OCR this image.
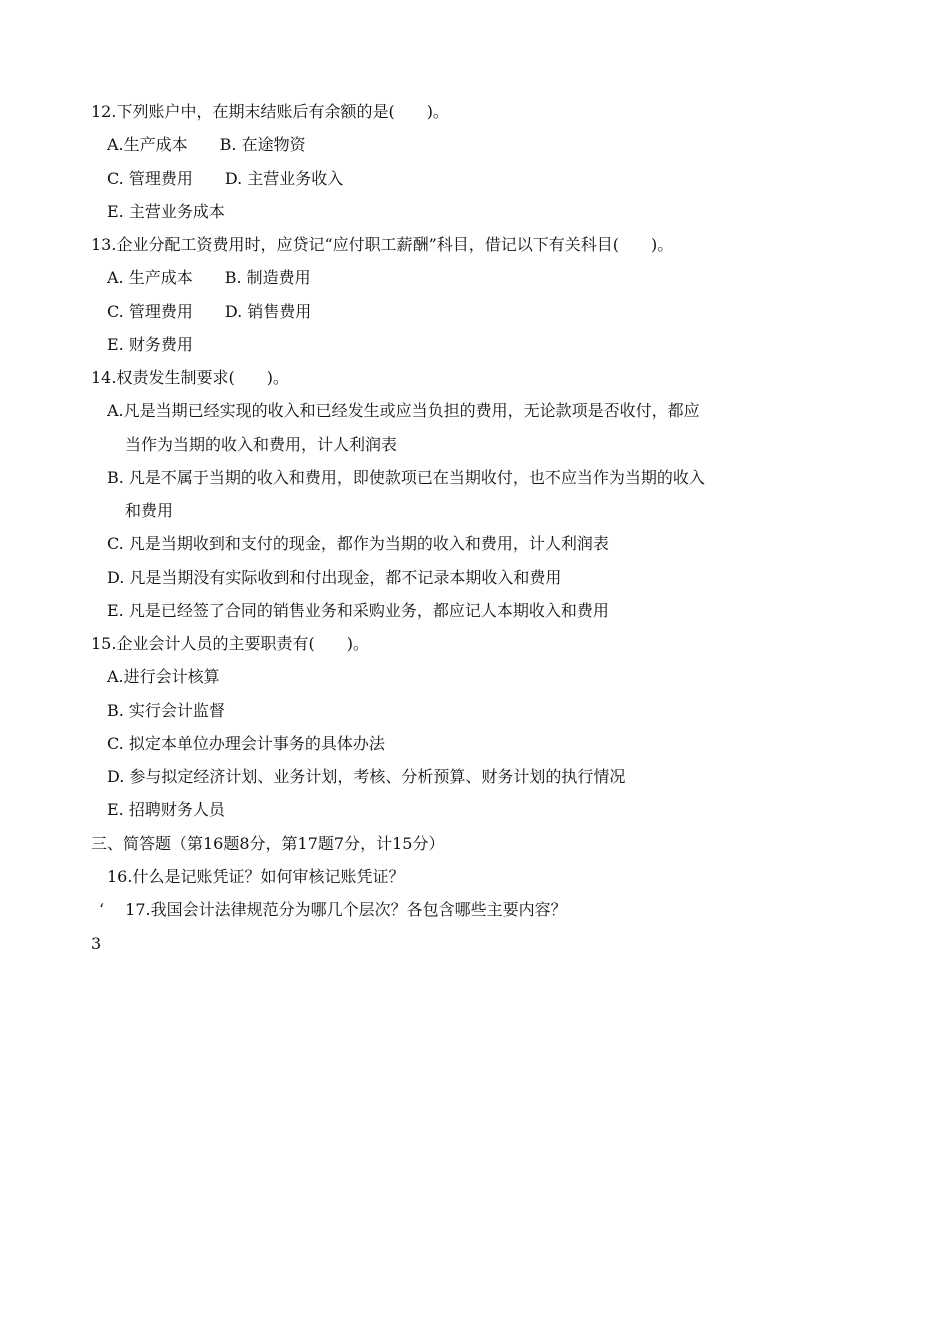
12.下列账户中，在期末结账后有余额的是(　　)。
A.生产成本　　B. 在途物资
C. 管理费用　　D. 主营业务收入
E. 主营业务成本
13.企业分配工资费用时，应贷记“应付职工薪酬”科目，借记以下有关科目(　　)。
A. 生产成本　　B. 制造费用
C. 管理费用　　D. 销售费用
E. 财务费用
14.权责发生制要求(　　)。
A.凡是当期已经实现的收入和已经发生或应当负担的费用，无论款项是否收付，都应
当作为当期的收入和费用，计人利润表
B. 凡是不属于当期的收入和费用，即使款项已在当期收付，也不应当作为当期的收入
和费用
C. 凡是当期收到和支付的现金，都作为当期的收入和费用，计人利润表
D. 凡是当期没有实际收到和付出现金，都不记录本期收入和费用
E. 凡是已经签了合同的销售业务和采购业务，都应记人本期收入和费用
15.企业会计人员的主要职责有(　　)。
A.进行会计核算
B. 实行会计监督
C. 拟定本单位办理会计事务的具体办法
D. 参与拟定经济计划、业务计划，考核、分析预算、财务计划的执行情况
E. 招聘财务人员
三、简答题（第16题8分，第17题7分，计15分）
16.什么是记账凭证？如何审核记账凭证？
‘　 17.我国会计法律规范分为哪几个层次？各包含哪些主要内容？
3
